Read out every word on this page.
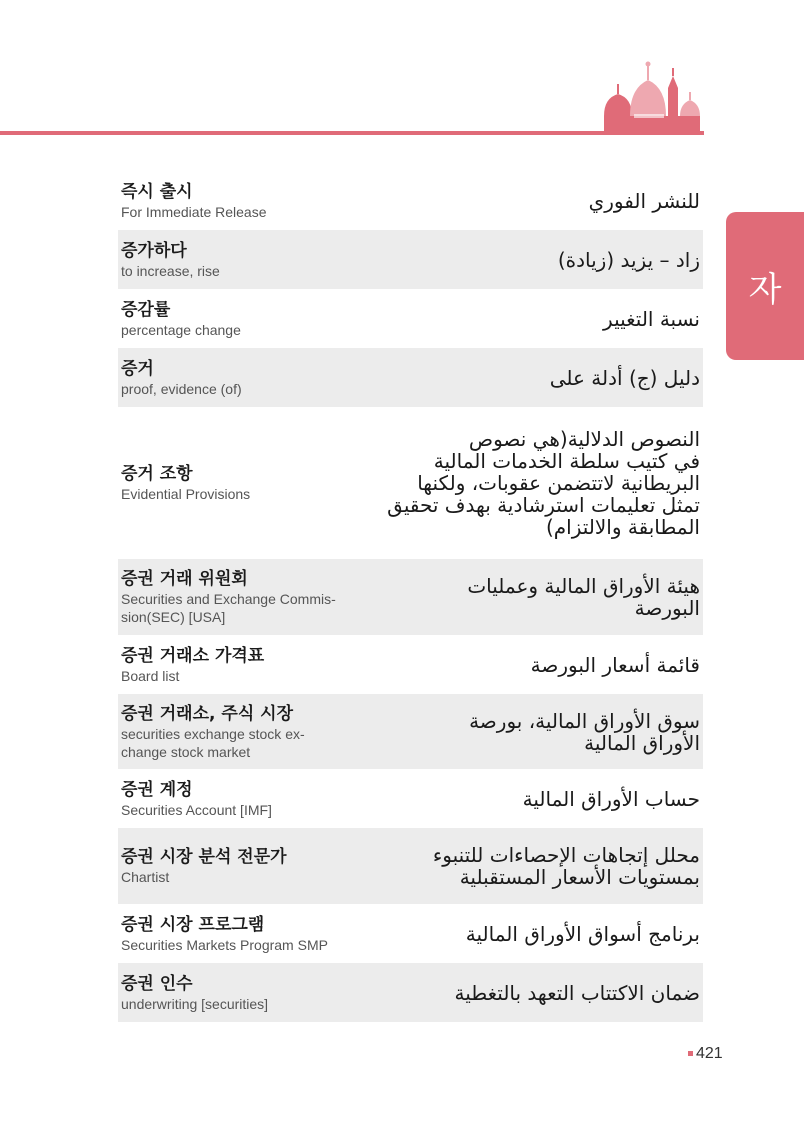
자
즉시 출시
For Immediate Release	للنشر الفوري
증가하다
to increase, rise	زاد – يزيد (زيادة)
증감률
percentage change	نسبة التغيير
증거
proof, evidence (of)	دليل (ج) أدلة على
증거 조항
Evidential Provisions
النصوص الدلالية(هي نصوص
في كتيب سلطة الخدمات المالية
البريطانية لاتتضمن عقوبات، ولكنها
تمثل تعليمات استرشادية بهدف تحقيق
المطابقة والالتزام)
증권 거래 위원회
Securities and Exchange Commis-
sion(SEC) [USA]
هيئة الأوراق المالية وعمليات
البورصة
증권 거래소 가격표
Board list	قائمة أسعار البورصة
증권 거래소, 주식 시장
securities exchange stock ex-
change stock market
سوق الأوراق المالية، بورصة
الأوراق المالية
증권 계정
Securities Account [IMF]	حساب الأوراق المالية
증권 시장 분석 전문가
Chartist
محلل إتجاهات الإحصاءات للتنبوء
بمستويات الأسعار المستقبلية
증권 시장 프로그램
Securities Markets Program SMP	برنامج أسواق الأوراق المالية
증권 인수
underwriting [securities]	ضمان الاكتتاب التعهد بالتغطية
421
